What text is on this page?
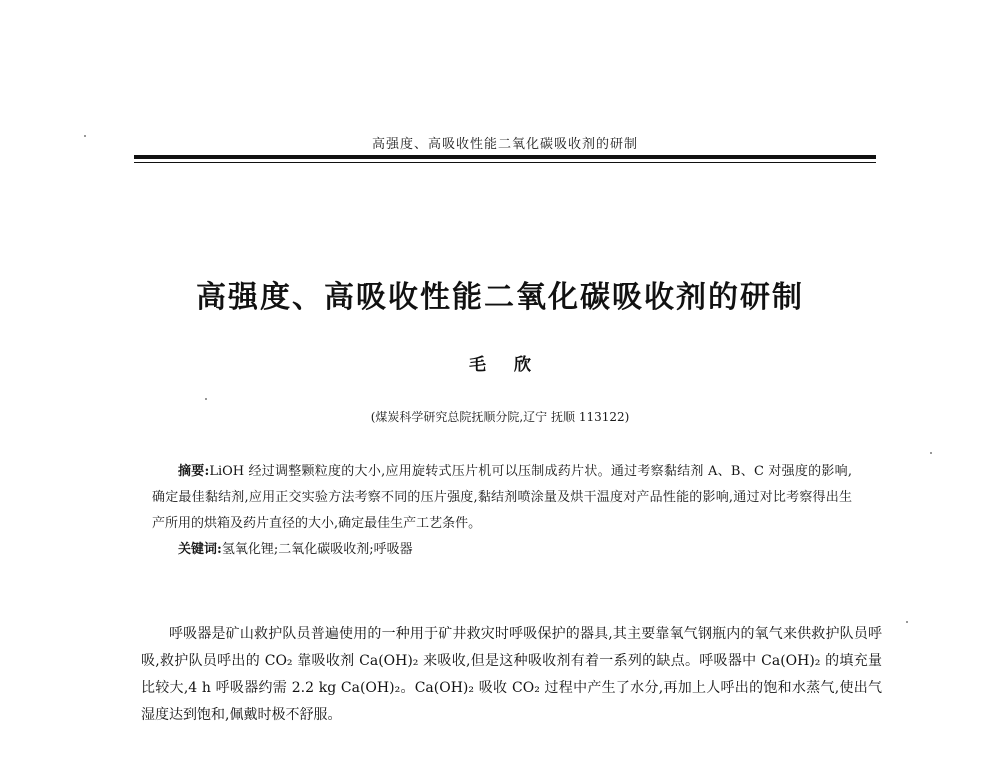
高强度、高吸收性能二氧化碳吸收剂的研制
高强度、高吸收性能二氧化碳吸收剂的研制
毛 欣
(煤炭科学研究总院抚顺分院,辽宁 抚顺 113122)

摘要:LiOH 经过调整颗粒度的大小,应用旋转式压片机可以压制成药片状。通过考察黏结剂 A、B、C 对强度的影响,确定最佳黏结剂,应用正交实验方法考察不同的压片强度,黏结剂喷涂量及烘干温度对产品性能的影响,通过对比考察得出生产所用的烘箱及药片直径的大小,确定最佳生产工艺条件。

关键词:氢氧化锂;二氧化碳吸收剂;呼吸器

呼吸器是矿山救护队员普遍使用的一种用于矿井救灾时呼吸保护的器具,其主要靠氧气钢瓶内的氧气来供救护队员呼吸,救护队员呼出的 CO₂ 靠吸收剂 Ca(OH)₂ 来吸收,但是这种吸收剂有着一系列的缺点。呼吸器中 Ca(OH)₂ 的填充量比较大,4 h 呼吸器约需 2.2 kg Ca(OH)₂。Ca(OH)₂ 吸收 CO₂ 过程中产生了水分,再加上人呼出的饱和水蒸气,使出气湿度达到饱和,佩戴时极不舒服。
